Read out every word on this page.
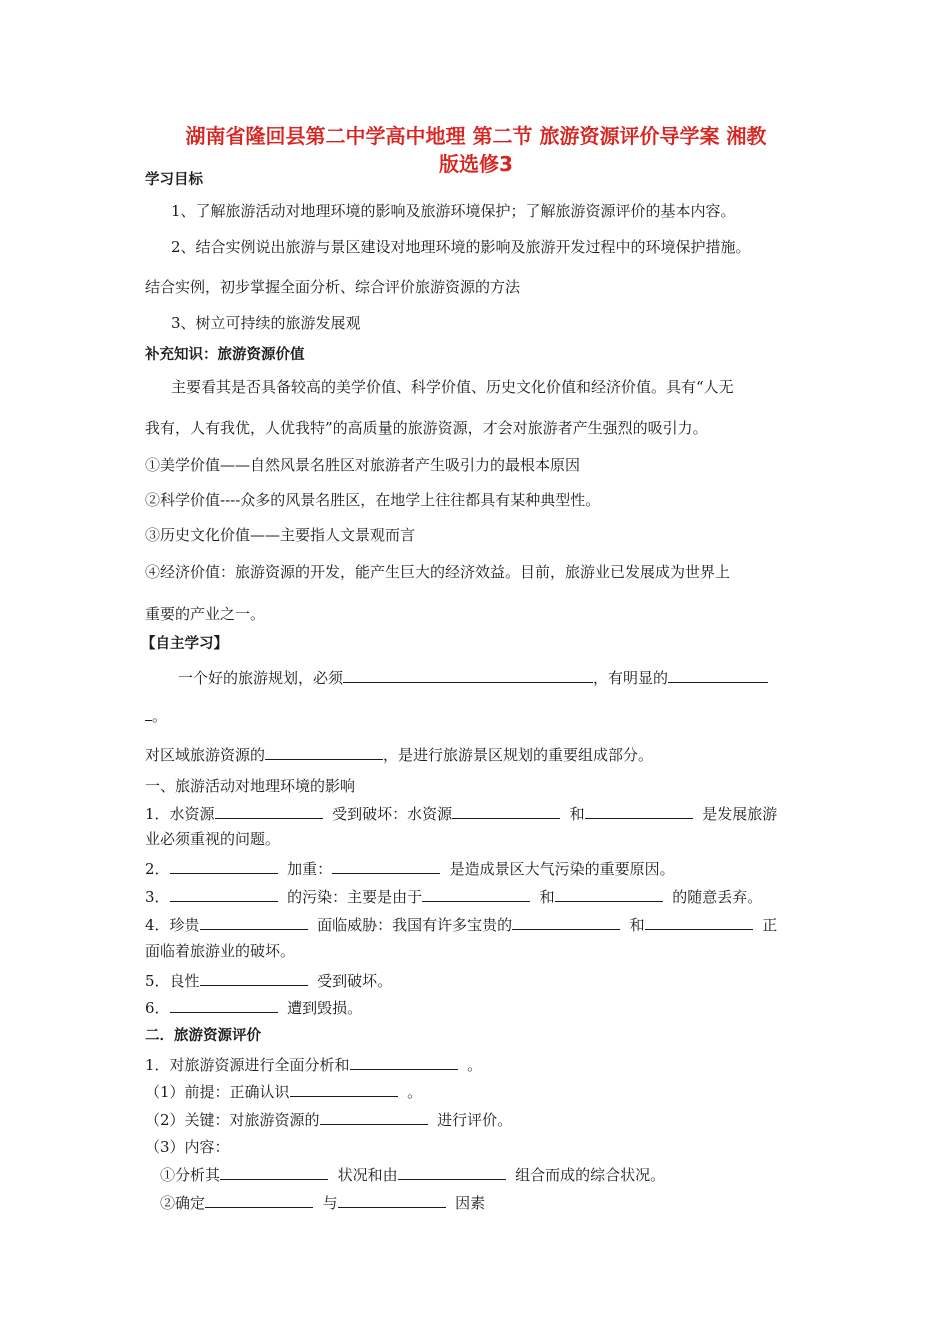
湖南省隆回县第二中学高中地理 第二节 旅游资源评价导学案 湘教
版选修3
学习目标
1、了解旅游活动对地理环境的影响及旅游环境保护；了解旅游资源评价的基本内容。
2、结合实例说出旅游与景区建设对地理环境的影响及旅游开发过程中的环境保护措施。
结合实例，初步掌握全面分析、综合评价旅游资源的方法
3、树立可持续的旅游发展观
补充知识：旅游资源价值
主要看其是否具备较高的美学价值、科学价值、历史文化价值和经济价值。具有“人无
我有，人有我优，人优我特”的高质量的旅游资源，才会对旅游者产生强烈的吸引力。
①美学价值——自然风景名胜区对旅游者产生吸引力的最根本原因
②科学价值----众多的风景名胜区，在地学上往往都具有某种典型性。
③历史文化价值——主要指人文景观而言
④经济价值：旅游资源的开发，能产生巨大的经济效益。目前，旅游业已发展成为世界上
重要的产业之一。
【自主学习】
一个好的旅游规划，必须	，有明显的
。
对区域旅游资源的	，是进行旅游景区规划的重要组成部分。
一、旅游活动对地理环境的影响
1．水资源	受到破坏：水资源	和	是发展旅游
业必须重视的问题。
2．	加重：	是造成景区大气污染的重要原因。
3．	的污染：主要是由于	和	的随意丢弃。
4．珍贵	面临威胁：我国有许多宝贵的	和	正
面临着旅游业的破坏。
5．良性	受到破坏。
6．	遭到毁损。
二．旅游资源评价
1．对旅游资源进行全面分析和	。
（1）前提：正确认识	。
（2）关键：对旅游资源的	进行评价。
（3）内容：
①分析其	状况和由	组合而成的综合状况。
②确定	与	因素
